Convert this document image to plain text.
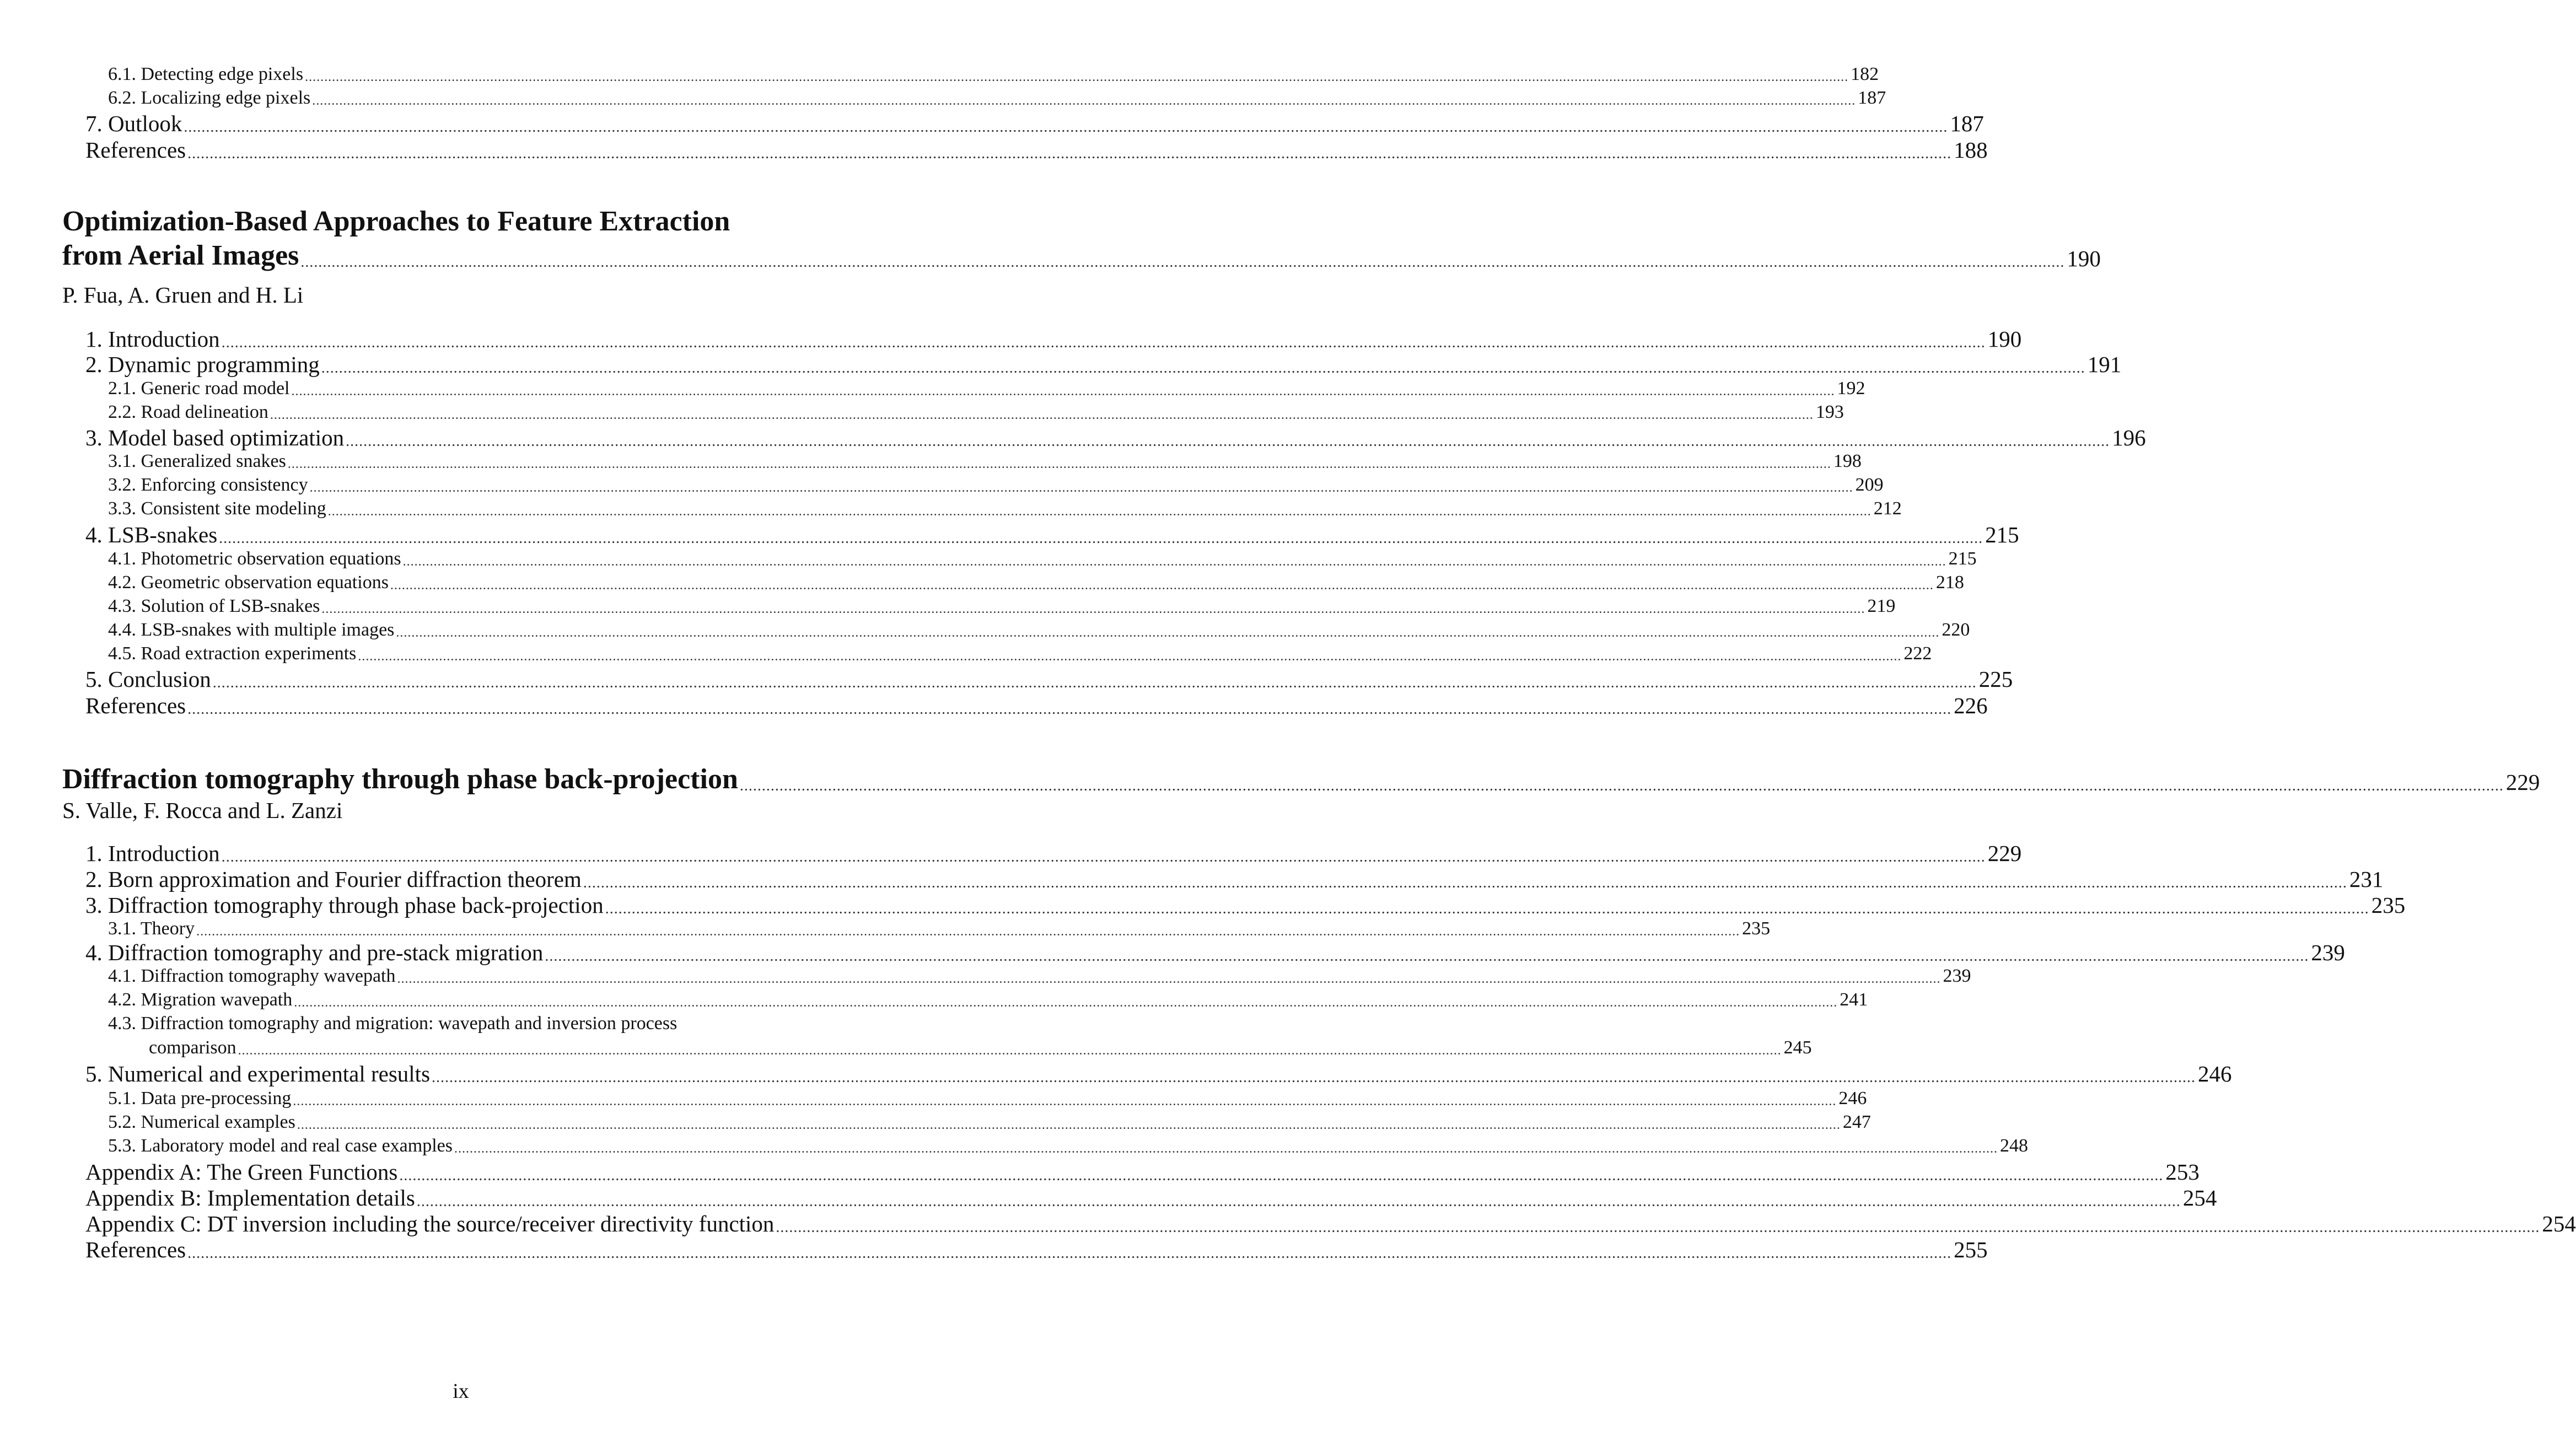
6.1. Detecting edge pixels ................................................................................................................................................................................................................................................................................................................................................................................................................ 182
6.2. Localizing edge pixels ................................................................................................................................................................................................................................................................................................................................................................................................................ 187
7. Outlook ................................................................................................................................................................................................................................................................................................................................................................................................................ 187
References ................................................................................................................................................................................................................................................................................................................................................................................................................ 188
Optimization-Based Approaches to Feature Extraction
from Aerial Images ................................................................................................................................................................................................................................................................................................................................................................................................................ 190
P. Fua, A. Gruen and H. Li
1. Introduction ................................................................................................................................................................................................................................................................................................................................................................................................................ 190
2. Dynamic programming ................................................................................................................................................................................................................................................................................................................................................................................................................ 191
2.1. Generic road model ................................................................................................................................................................................................................................................................................................................................................................................................................ 192
2.2. Road delineation ................................................................................................................................................................................................................................................................................................................................................................................................................ 193
3. Model based optimization ................................................................................................................................................................................................................................................................................................................................................................................................................ 196
3.1. Generalized snakes ................................................................................................................................................................................................................................................................................................................................................................................................................ 198
3.2. Enforcing consistency ................................................................................................................................................................................................................................................................................................................................................................................................................ 209
3.3. Consistent site modeling ................................................................................................................................................................................................................................................................................................................................................................................................................ 212
4. LSB-snakes ................................................................................................................................................................................................................................................................................................................................................................................................................ 215
4.1. Photometric observation equations ................................................................................................................................................................................................................................................................................................................................................................................................................ 215
4.2. Geometric observation equations ................................................................................................................................................................................................................................................................................................................................................................................................................ 218
4.3. Solution of LSB-snakes ................................................................................................................................................................................................................................................................................................................................................................................................................ 219
4.4. LSB-snakes with multiple images ................................................................................................................................................................................................................................................................................................................................................................................................................ 220
4.5. Road extraction experiments ................................................................................................................................................................................................................................................................................................................................................................................................................ 222
5. Conclusion ................................................................................................................................................................................................................................................................................................................................................................................................................ 225
References ................................................................................................................................................................................................................................................................................................................................................................................................................ 226
Diffraction tomography through phase back-projection ................................................................................................................................................................................................................................................................................................................................................................................................................ 229
S. Valle, F. Rocca and L. Zanzi
1. Introduction ................................................................................................................................................................................................................................................................................................................................................................................................................ 229
2. Born approximation and Fourier diffraction theorem ................................................................................................................................................................................................................................................................................................................................................................................................................ 231
3. Diffraction tomography through phase back-projection ................................................................................................................................................................................................................................................................................................................................................................................................................ 235
3.1. Theory ................................................................................................................................................................................................................................................................................................................................................................................................................ 235
4. Diffraction tomography and pre-stack migration ................................................................................................................................................................................................................................................................................................................................................................................................................ 239
4.1. Diffraction tomography wavepath ................................................................................................................................................................................................................................................................................................................................................................................................................ 239
4.2. Migration wavepath ................................................................................................................................................................................................................................................................................................................................................................................................................ 241
4.3. Diffraction tomography and migration: wavepath and inversion process
comparison ................................................................................................................................................................................................................................................................................................................................................................................................................ 245
5. Numerical and experimental results ................................................................................................................................................................................................................................................................................................................................................................................................................ 246
5.1. Data pre-processing ................................................................................................................................................................................................................................................................................................................................................................................................................ 246
5.2. Numerical examples ................................................................................................................................................................................................................................................................................................................................................................................................................ 247
5.3. Laboratory model and real case examples ................................................................................................................................................................................................................................................................................................................................................................................................................ 248
Appendix A: The Green Functions ................................................................................................................................................................................................................................................................................................................................................................................................................ 253
Appendix B: Implementation details ................................................................................................................................................................................................................................................................................................................................................................................................................ 254
Appendix C: DT inversion including the source/receiver directivity function ................................................................................................................................................................................................................................................................................................................................................................................................................ 254
References ................................................................................................................................................................................................................................................................................................................................................................................................................ 255
ix
